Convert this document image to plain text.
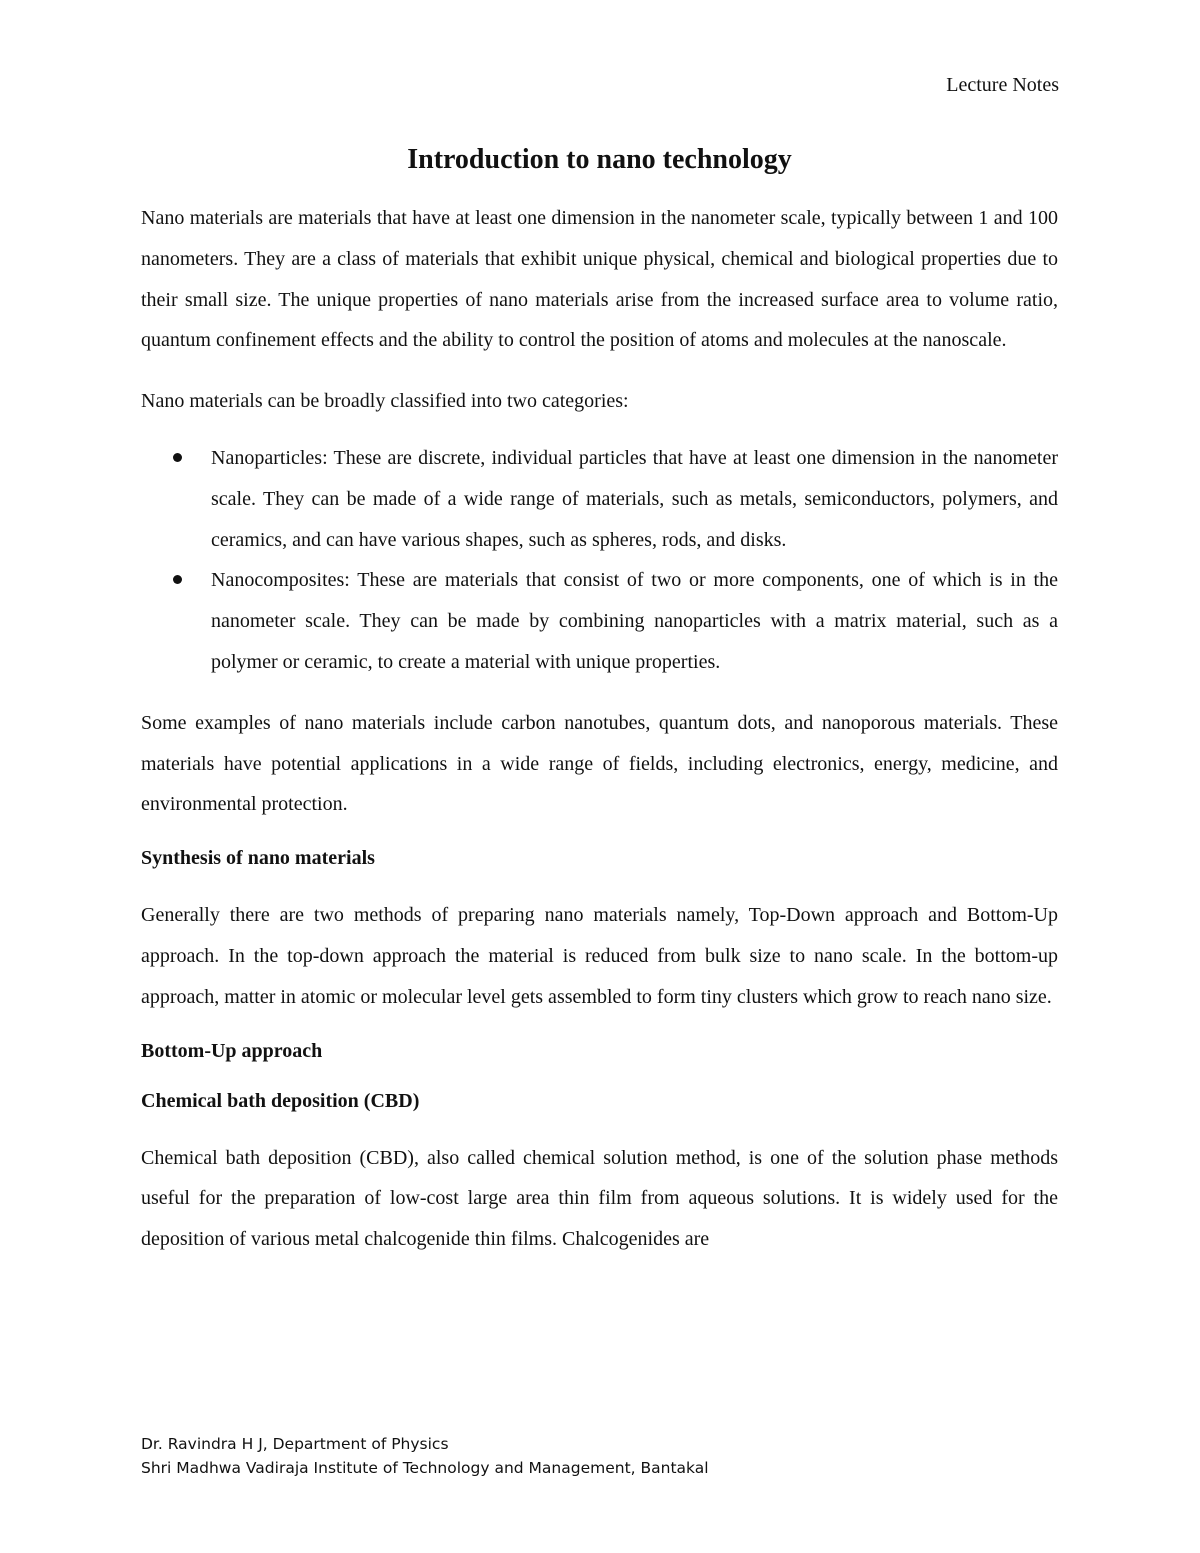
Lecture Notes
Introduction to nano technology

Nano materials are materials that have at least one dimension in the nanometer scale, typically between 1 and 100 nanometers. They are a class of materials that exhibit unique physical, chemical and biological properties due to their small size. The unique properties of nano materials arise from the increased surface area to volume ratio, quantum confinement effects and the ability to control the position of atoms and molecules at the nanoscale.

Nano materials can be broadly classified into two categories:

Nanoparticles: These are discrete, individual particles that have at least one dimension in the nanometer scale. They can be made of a wide range of materials, such as metals, semiconductors, polymers, and ceramics, and can have various shapes, such as spheres, rods, and disks.
Nanocomposites: These are materials that consist of two or more components, one of which is in the nanometer scale. They can be made by combining nanoparticles with a matrix material, such as a polymer or ceramic, to create a material with unique properties.

Some examples of nano materials include carbon nanotubes, quantum dots, and nanoporous materials. These materials have potential applications in a wide range of fields, including electronics, energy, medicine, and environmental protection.

Synthesis of nano materials

Generally there are two methods of preparing nano materials namely, Top-Down approach and Bottom-Up approach. In the top-down approach the material is reduced from bulk size to nano scale. In the bottom-up approach, matter in atomic or molecular level gets assembled to form tiny clusters which grow to reach nano size.

Bottom-Up approach
Chemical bath deposition (CBD)

Chemical bath deposition (CBD), also called chemical solution method, is one of the solution phase methods useful for the preparation of low-cost large area thin film from aqueous solutions. It is widely used for the deposition of various metal chalcogenide thin films. Chalcogenides are

Dr. Ravindra H J, Department of Physics
Shri Madhwa Vadiraja Institute of Technology and Management, Bantakal
